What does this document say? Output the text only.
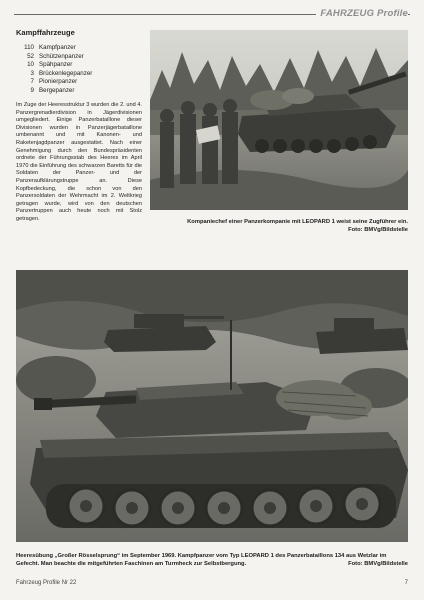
FAHRZEUG Profile
Kampffahrzeuge
110 Kampfpanzer
52 Schützenpanzer
10 Spähpanzer
3 Brückenlegepanzer
7 Pionierpanzer
9 Bergepanzer
Im Zuge der Heeresstruktur 3 wurden die 2. und 4. Panzergrenadierdivision in Jägerdivisionen umgegliedert. Einige Panzerbataillone dieser Divisionen wurden in Panzerjägerbataillone umbenannt und mit Kanonen- und Raketenjagdpanzer ausgestattet. Nach einer Genehmigung durch den Bundespräsidenten ordnete der Führungsstab des Heeres im April 1970 die Einführung des schwarzen Baretts für die Soldaten der Panzer- und der Panzeraufklärungstruppe an. Diese Kopfbedeckung, die schon von den Panzersoldaten der Wehrmacht im 2. Weltkrieg getragen wurde, wird von den deutschen Panzertruppen auch heute noch mit Stolz getragen.
Kompaniechef einer Panzerkompanie mit LEOPARD 1 weist seine Zugführer ein.
Foto: BMVg/Bildstelle
Heeresübung „Großer Rösselsprung“ im September 1969. Kampfpanzer vom Typ LEOPARD 1 des Panzerbataillons 134 aus Wetzlar im Gefecht. Man beachte die mitgeführten Faschinen am Turmheck zur Selbstbergung.	Foto: BMVg/Bildstelle
Fahrzeug Profile Nr 22	7
